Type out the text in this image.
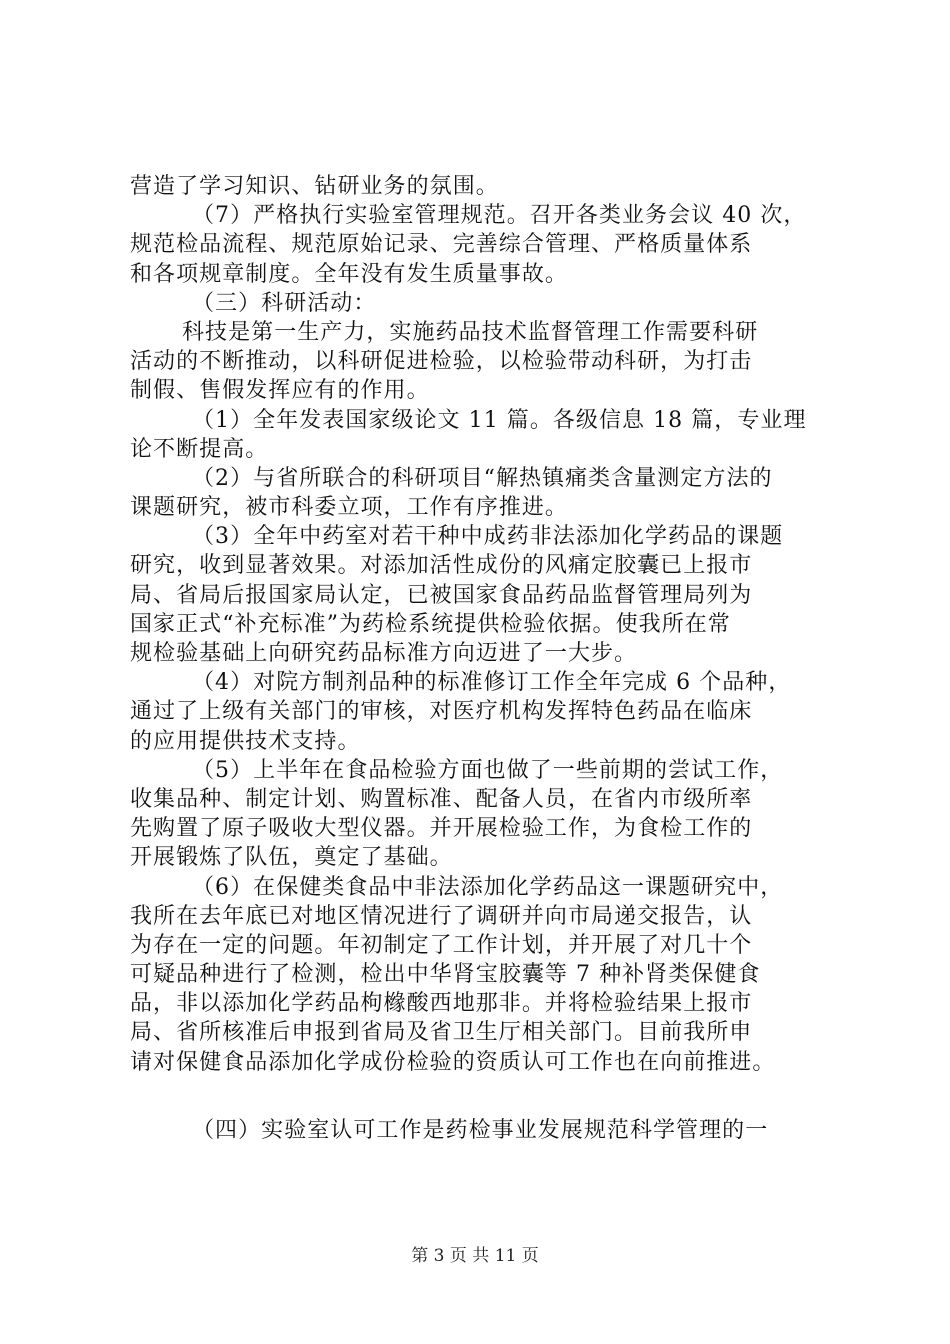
营造了学习知识、钻研业务的氛围。
（7）严格执行实验室管理规范。召开各类业务会议 40 次，
规范检品流程、规范原始记录、完善综合管理、严格质量体系
和各项规章制度。全年没有发生质量事故。
（三）科研活动：
科技是第一生产力，实施药品技术监督管理工作需要科研
活动的不断推动，以科研促进检验，以检验带动科研，为打击
制假、售假发挥应有的作用。
（1）全年发表国家级论文 11 篇。各级信息 18 篇，专业理
论不断提高。
（2）与省所联合的科研项目“解热镇痛类含量测定方法的
课题研究，被市科委立项，工作有序推进。
（3）全年中药室对若干种中成药非法添加化学药品的课题
研究，收到显著效果。对添加活性成份的风痛定胶囊已上报市
局、省局后报国家局认定，已被国家食品药品监督管理局列为
国家正式“补充标准”为药检系统提供检验依据。使我所在常
规检验基础上向研究药品标准方向迈进了一大步。
（4）对院方制剂品种的标准修订工作全年完成 6 个品种，
通过了上级有关部门的审核，对医疗机构发挥特色药品在临床
的应用提供技术支持。
（5）上半年在食品检验方面也做了一些前期的尝试工作，
收集品种、制定计划、购置标准、配备人员，在省内市级所率
先购置了原子吸收大型仪器。并开展检验工作，为食检工作的
开展锻炼了队伍，奠定了基础。
（6）在保健类食品中非法添加化学药品这一课题研究中，
我所在去年底已对地区情况进行了调研并向市局递交报告，认
为存在一定的问题。年初制定了工作计划，并开展了对几十个
可疑品种进行了检测，检出中华肾宝胶囊等 7 种补肾类保健食
品，非以添加化学药品枸橼酸西地那非。并将检验结果上报市
局、省所核准后申报到省局及省卫生厅相关部门。目前我所申
请对保健食品添加化学成份检验的资质认可工作也在向前推进。
（四）实验室认可工作是药检事业发展规范科学管理的一
第 3 页 共 11 页
